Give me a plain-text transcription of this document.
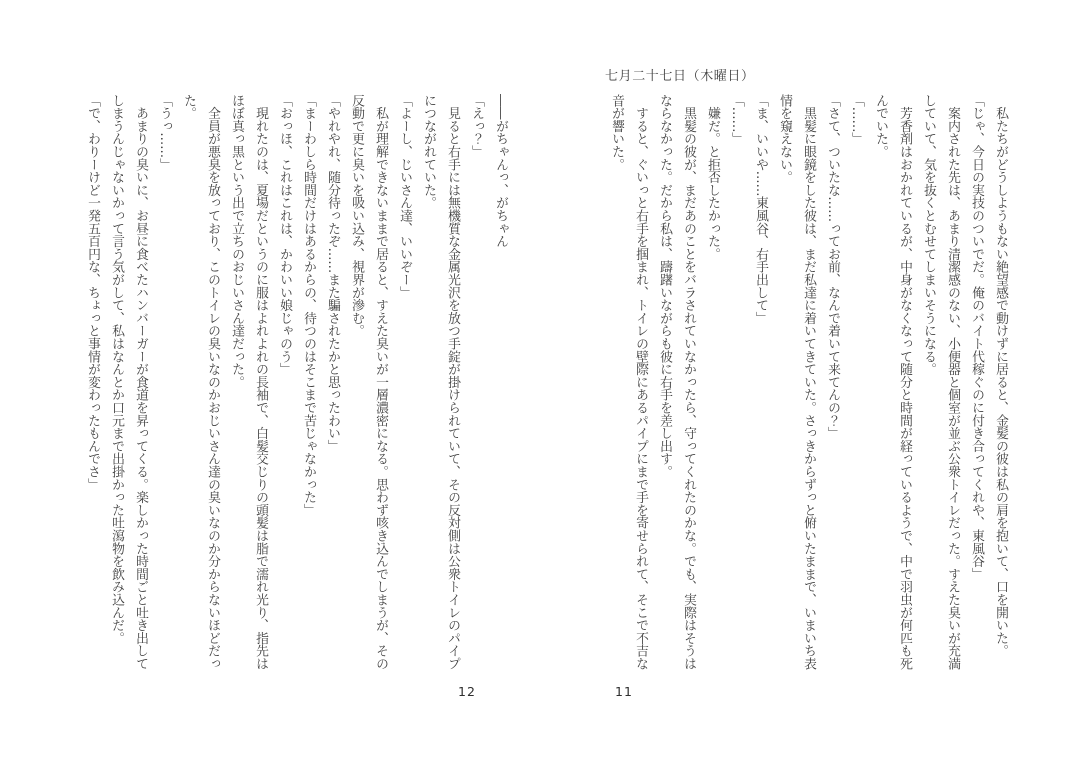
七月二十七日（木曜日）
　私たちがどうしようもない絶望感で動けずに居ると、金髪の彼は私の肩を抱いて、口を開いた。
「じゃ、今日の実技のついでだ。俺のバイト代稼ぐのに付き合ってくれや、東風谷」
　案内された先は、あまり清潔感のない、小便器と個室が並ぶ公衆トイレだった。すえた臭いが充満
していて、気を抜くとむせてしまいそうになる。
　芳香剤はおかれているが、中身がなくなって随分と時間が経っているようで、中で羽虫が何匹も死
んでいた。
「……」
「さて、ついたな……ってお前、なんで着いて来てんの？」
　黒髪に眼鏡をした彼は、まだ私達に着いてきていた。さっきからずっと俯いたままで、いまいち表
情を窺えない。
「ま、いいや……東風谷、右手出して」
「……」
　嫌だ。と拒否したかった。
　黒髪の彼が、まだあのことをバラされていなかったら、守ってくれたのかな。でも、実際はそうは
ならなかった。だから私は、躊躇いながらも彼に右手を差し出す。
　すると、ぐいっと右手を掴まれ、トイレの壁際にあるパイプにまで手を寄せられて、そこで不吉な
音が響いた。
――がちゃんっ、がちゃん
「えっ？」
　見ると右手には無機質な金属光沢を放つ手錠が掛けられていて、その反対側は公衆トイレのパイプ
につながれていた。
「よーし、じいさん達、いいぞー」
　私が理解できないままで居ると、すえた臭いが一層濃密になる。思わず咳き込んでしまうが、その
反動で更に臭いを吸い込み、視界が滲む。
「やれやれ、随分待ったぞ……また騙されたかと思ったわい」
「まーわしら時間だけはあるからの、待つのはそこまで苦じゃなかった」
「おっほ、これはこれは、かわいい娘じゃのう」
　現れたのは、夏場だというのに服はよれよれの長袖で、白髪交じりの頭髪は脂で濡れ光り、指先は
ほぼ真っ黒という出で立ちのおじいさん達だった。
　全員が悪臭を放っており、このトイレの臭いなのかおじいさん達の臭いなのか分からないほどだっ
た。
「うっ……」
　あまりの臭いに、お昼に食べたハンバーガーが食道を昇ってくる。楽しかった時間ごと吐き出して
しまうんじゃないかって言う気がして、私はなんとか口元まで出掛かった吐瀉物を飲み込んだ。
「で、わりーけど一発五百円な、ちょっと事情が変わったもんでさ」
11
12
